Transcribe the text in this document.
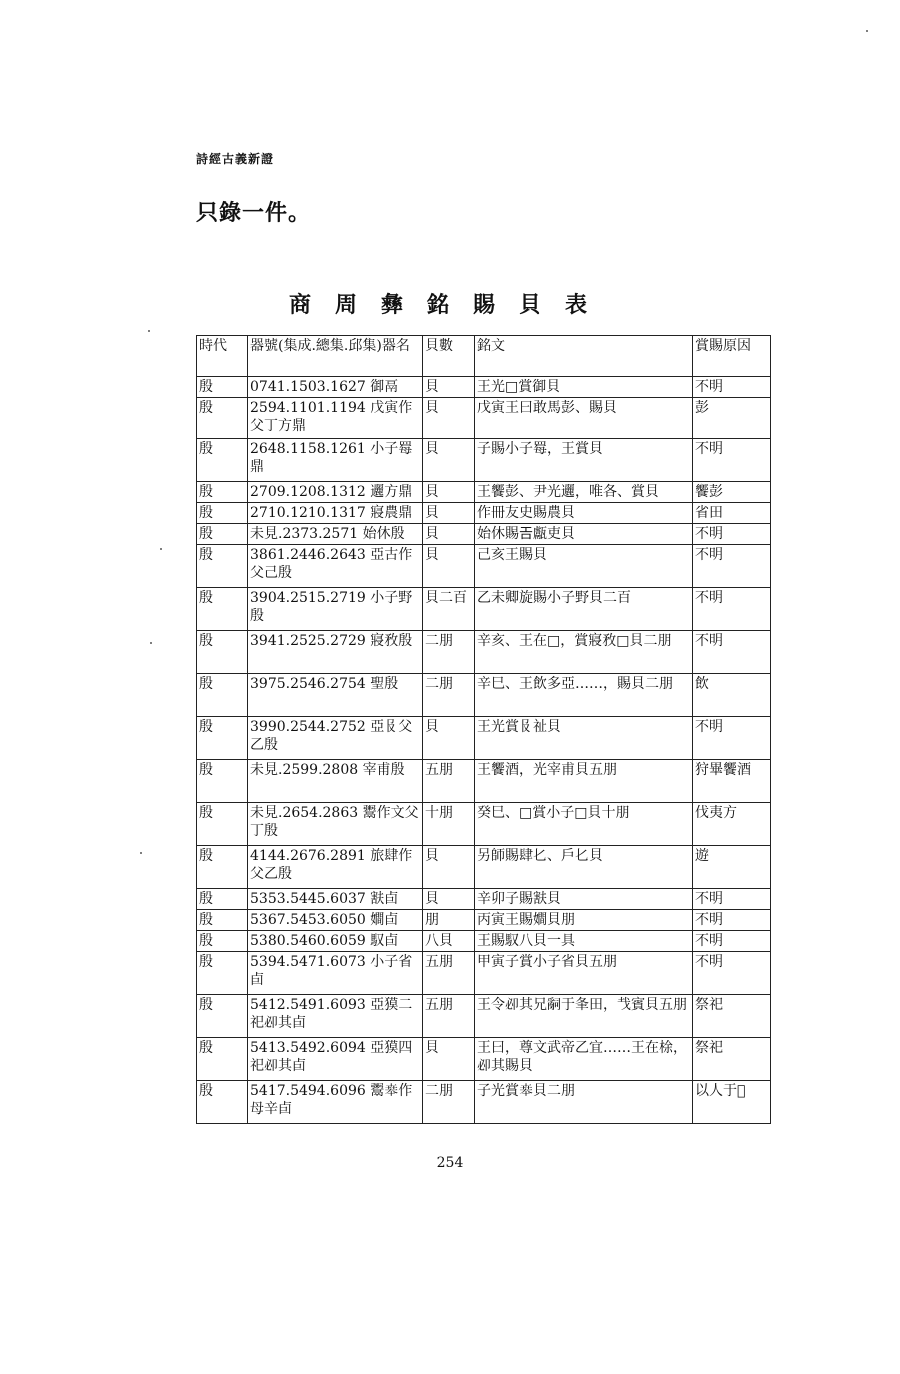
詩經古義新證
只錄一件。
商周彝銘賜貝表
時代	器號(集成.總集.邱集)器名	貝數	銘文	賞賜原因
殷	0741.1503.1627 御鬲	貝	王光□賞御貝	不明
殷	2594.1101.1194 戊寅作父丁方鼎	貝	戊寅王曰敢馬彭、賜貝	彭
殷	2648.1158.1261 小子䍙鼎	貝	子賜小子䍙，王賞貝	不明
殷	2709.1208.1312 邐方鼎	貝	王饗彭、尹光邐，唯各、賞貝	饗彭
殷	2710.1210.1317 寢農鼎	貝	作冊友史賜農貝	省田
殷	未見.2373.2571 始休殷	貝	始休賜𢀛甗吏貝	不明
殷	3861.2446.2643 亞古作父己殷	貝	己亥王賜貝	不明
殷	3904.2515.2719 小子野殷	貝二百	乙未卿旋賜小子野貝二百	不明
殷	3941.2525.2729 寢敄殷	二朋	辛亥、王在□，賞寢敄□貝二朋	不明
殷	3975.2546.2754 聖殷	二朋	辛巳、王飲多亞……，賜貝二朋	飲
殷	3990.2544.2752 亞𠬝父乙殷	貝	王光賞𠬝祉貝	不明
殷	未見.2599.2808 宰甫殷	五朋	王饗酒，光宰甫貝五朋	狩畢饗酒
殷	未見.2654.2863 鬻作文父丁殷	十朋	癸巳、□賞小子□貝十朋	伐夷方
殷	4144.2676.2891 旅肆作父乙殷	貝	另師賜肆𠤎、戶𠤎貝	遊
殷	5353.5445.6037 㝬卣	貝	辛卯子賜㝬貝	不明
殷	5367.5453.6050 𡢃卣	朋	丙寅王賜𡢃貝朋	不明
殷	5380.5460.6059 馭卣	八貝	王賜馭八貝一具	不明
殷	5394.5471.6073 小子省卣	五朋	甲寅子賞小子省貝五朋	不明
殷	5412.5491.6093 亞獏二祀𠨘其卣	五朋	王令𠨘其兄𤔲于夆田，𢦏賓貝五朋	祭祀
殷	5413.5492.6094 亞獏四祀𠨘其卣	貝	王曰，尊文武帝乙宜……王在梌，𠨘其賜貝	祭祀
殷	5417.5494.6096 鬻𠦪作母辛卣	二朋	子光賞𠦪貝二朋	以人于𦭝
254
